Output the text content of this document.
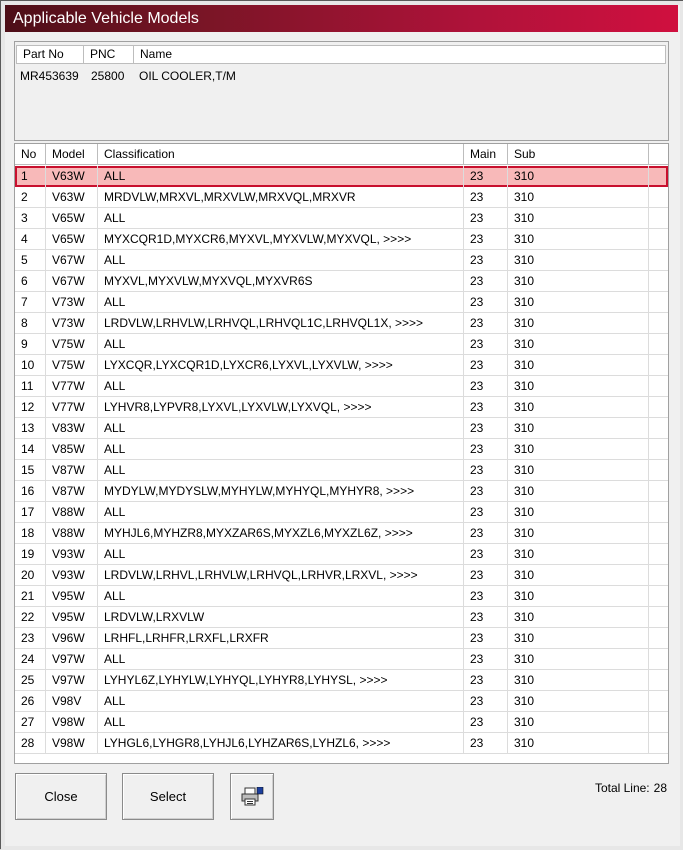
Applicable Vehicle Models
Part No	PNC	Name
MR453639 25800 OIL COOLER,T/M
No	Model	Classification	Main	Sub
1	V63W	ALL	23	310
2	V63W	MRDVLW,MRXVL,MRXVLW,MRXVQL,MRXVR	23	310
3	V65W	ALL	23	310
4	V65W	MYXCQR1D,MYXCR6,MYXVL,MYXVLW,MYXVQL, >>>>	23	310
5	V67W	ALL	23	310
6	V67W	MYXVL,MYXVLW,MYXVQL,MYXVR6S	23	310
7	V73W	ALL	23	310
8	V73W	LRDVLW,LRHVLW,LRHVQL,LRHVQL1C,LRHVQL1X, >>>>	23	310
9	V75W	ALL	23	310
10	V75W	LYXCQR,LYXCQR1D,LYXCR6,LYXVL,LYXVLW, >>>>	23	310
11	V77W	ALL	23	310
12	V77W	LYHVR8,LYPVR8,LYXVL,LYXVLW,LYXVQL, >>>>	23	310
13	V83W	ALL	23	310
14	V85W	ALL	23	310
15	V87W	ALL	23	310
16	V87W	MYDYLW,MYDYSLW,MYHYLW,MYHYQL,MYHYR8, >>>>	23	310
17	V88W	ALL	23	310
18	V88W	MYHJL6,MYHZR8,MYXZAR6S,MYXZL6,MYXZL6Z, >>>>	23	310
19	V93W	ALL	23	310
20	V93W	LRDVLW,LRHVL,LRHVLW,LRHVQL,LRHVR,LRXVL, >>>>	23	310
21	V95W	ALL	23	310
22	V95W	LRDVLW,LRXVLW	23	310
23	V96W	LRHFL,LRHFR,LRXFL,LRXFR	23	310
24	V97W	ALL	23	310
25	V97W	LYHYL6Z,LYHYLW,LYHYQL,LYHYR8,LYHYSL, >>>>	23	310
26	V98V	ALL	23	310
27	V98W	ALL	23	310
28	V98W	LYHGL6,LYHGR8,LYHJL6,LYHZAR6S,LYHZL6, >>>>	23	310
Close	Select
Total Line: 28
